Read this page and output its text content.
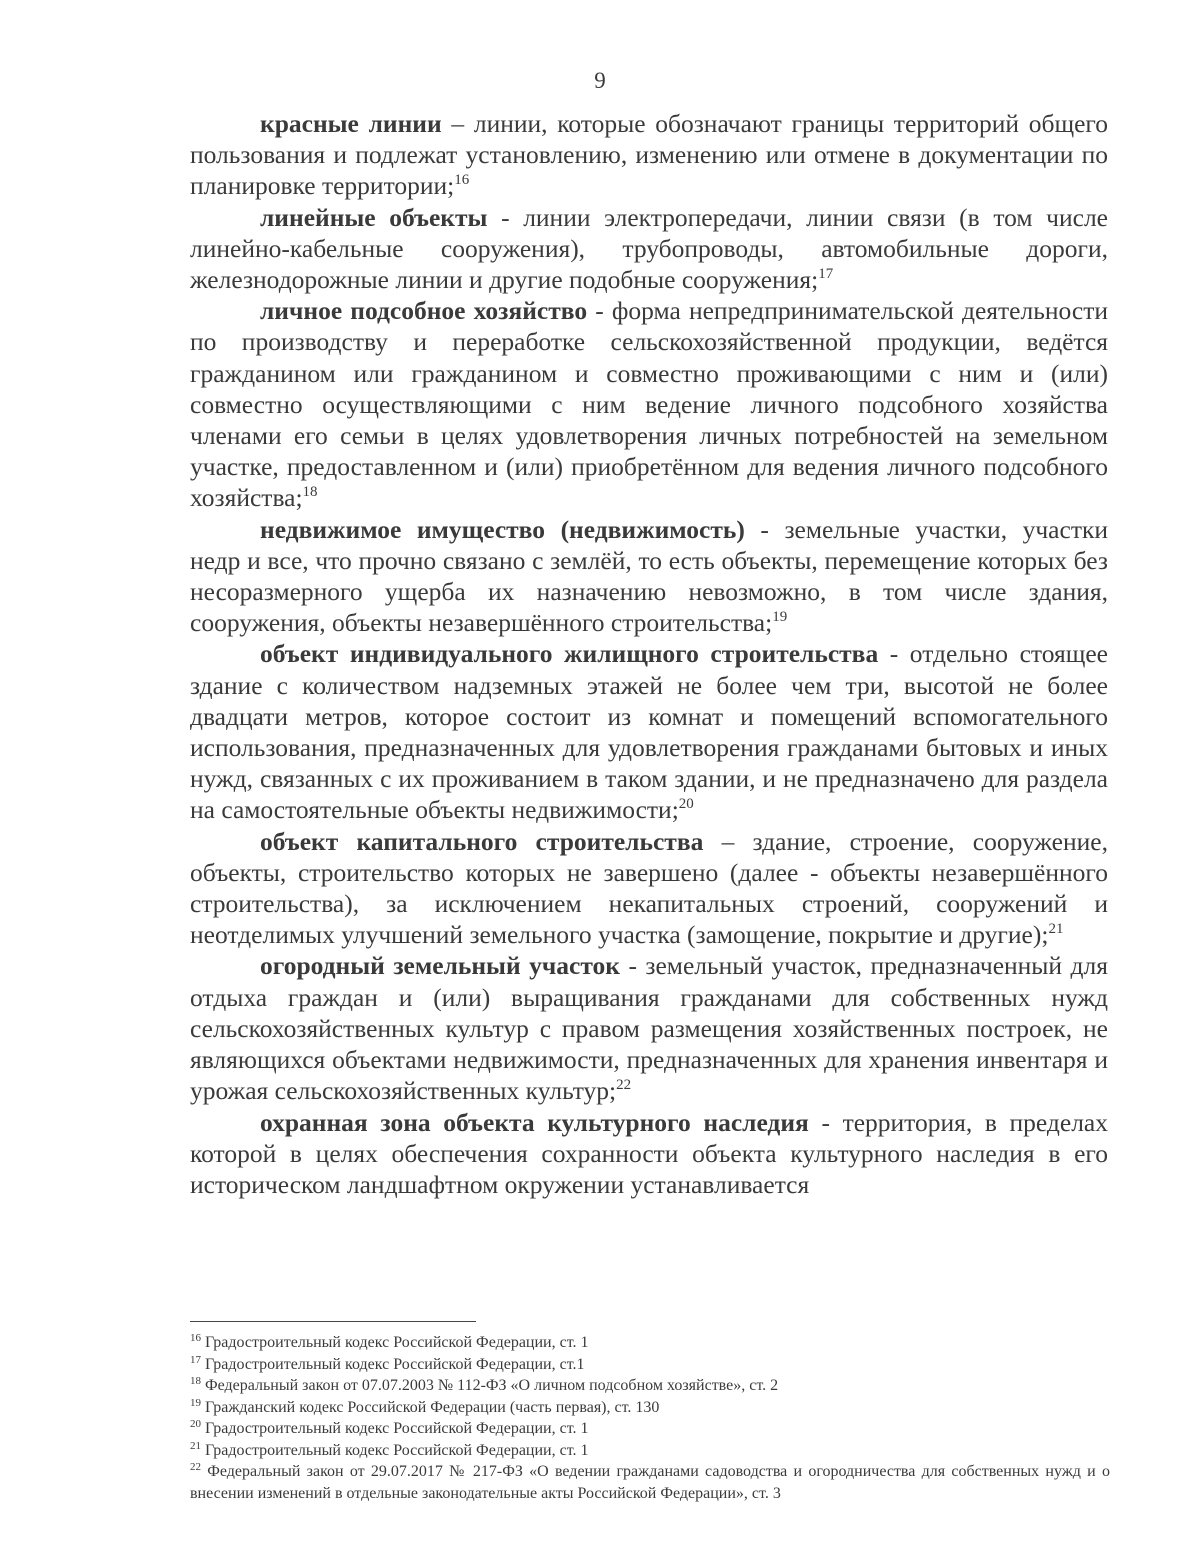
9

красные линии – линии, которые обозначают границы территорий общего пользования и подлежат установлению, изменению или отмене в документации по планировке территории;$^{16}$

линейные объекты - линии электропередачи, линии связи (в том числе линейно-кабельные сооружения), трубопроводы, автомобильные дороги, железнодорожные линии и другие подобные сооружения;$^{17}$

личное подсобное хозяйство - форма непредпринимательской деятельности по производству и переработке сельскохозяйственной продукции, ведётся гражданином или гражданином и совместно проживающими с ним и (или) совместно осуществляющими с ним ведение личного подсобного хозяйства членами его семьи в целях удовлетворения личных потребностей на земельном участке, предоставленном и (или) приобретённом для ведения личного подсобного хозяйства;$^{18}$

недвижимое имущество (недвижимость) - земельные участки, участки недр и все, что прочно связано с землёй, то есть объекты, перемещение которых без несоразмерного ущерба их назначению невозможно, в том числе здания, сооружения, объекты незавершённого строительства;$^{19}$

объект индивидуального жилищного строительства - отдельно стоящее здание с количеством надземных этажей не более чем три, высотой не более двадцати метров, которое состоит из комнат и помещений вспомогательного использования, предназначенных для удовлетворения гражданами бытовых и иных нужд, связанных с их проживанием в таком здании, и не предназначено для раздела на самостоятельные объекты недвижимости;$^{20}$

объект капитального строительства – здание, строение, сооружение, объекты, строительство которых не завершено (далее - объекты незавершённого строительства), за исключением некапитальных строений, сооружений и неотделимых улучшений земельного участка (замощение, покрытие и другие);$^{21}$

огородный земельный участок - земельный участок, предназначенный для отдыха граждан и (или) выращивания гражданами для собственных нужд сельскохозяйственных культур с правом размещения хозяйственных построек, не являющихся объектами недвижимости, предназначенных для хранения инвентаря и урожая сельскохозяйственных культур;$^{22}$

охранная зона объекта культурного наследия - территория, в пределах которой в целях обеспечения сохранности объекта культурного наследия в его историческом ландшафтном окружении устанавливается

$^{16}$ Градостроительный кодекс Российской Федерации, ст. 1

$^{17}$ Градостроительный кодекс Российской Федерации, ст.1

$^{18}$ Федеральный закон от 07.07.2003 № 112-ФЗ «О личном подсобном хозяйстве», ст. 2

$^{19}$ Гражданский кодекс Российской Федерации (часть первая), ст. 130

$^{20}$ Градостроительный кодекс Российской Федерации, ст. 1

$^{21}$ Градостроительный кодекс Российской Федерации, ст. 1

$^{22}$ Федеральный закон от 29.07.2017 № 217-ФЗ «О ведении гражданами садоводства и огородничества для собственных нужд и о внесении изменений в отдельные законодательные акты Российской Федерации», ст. 3
